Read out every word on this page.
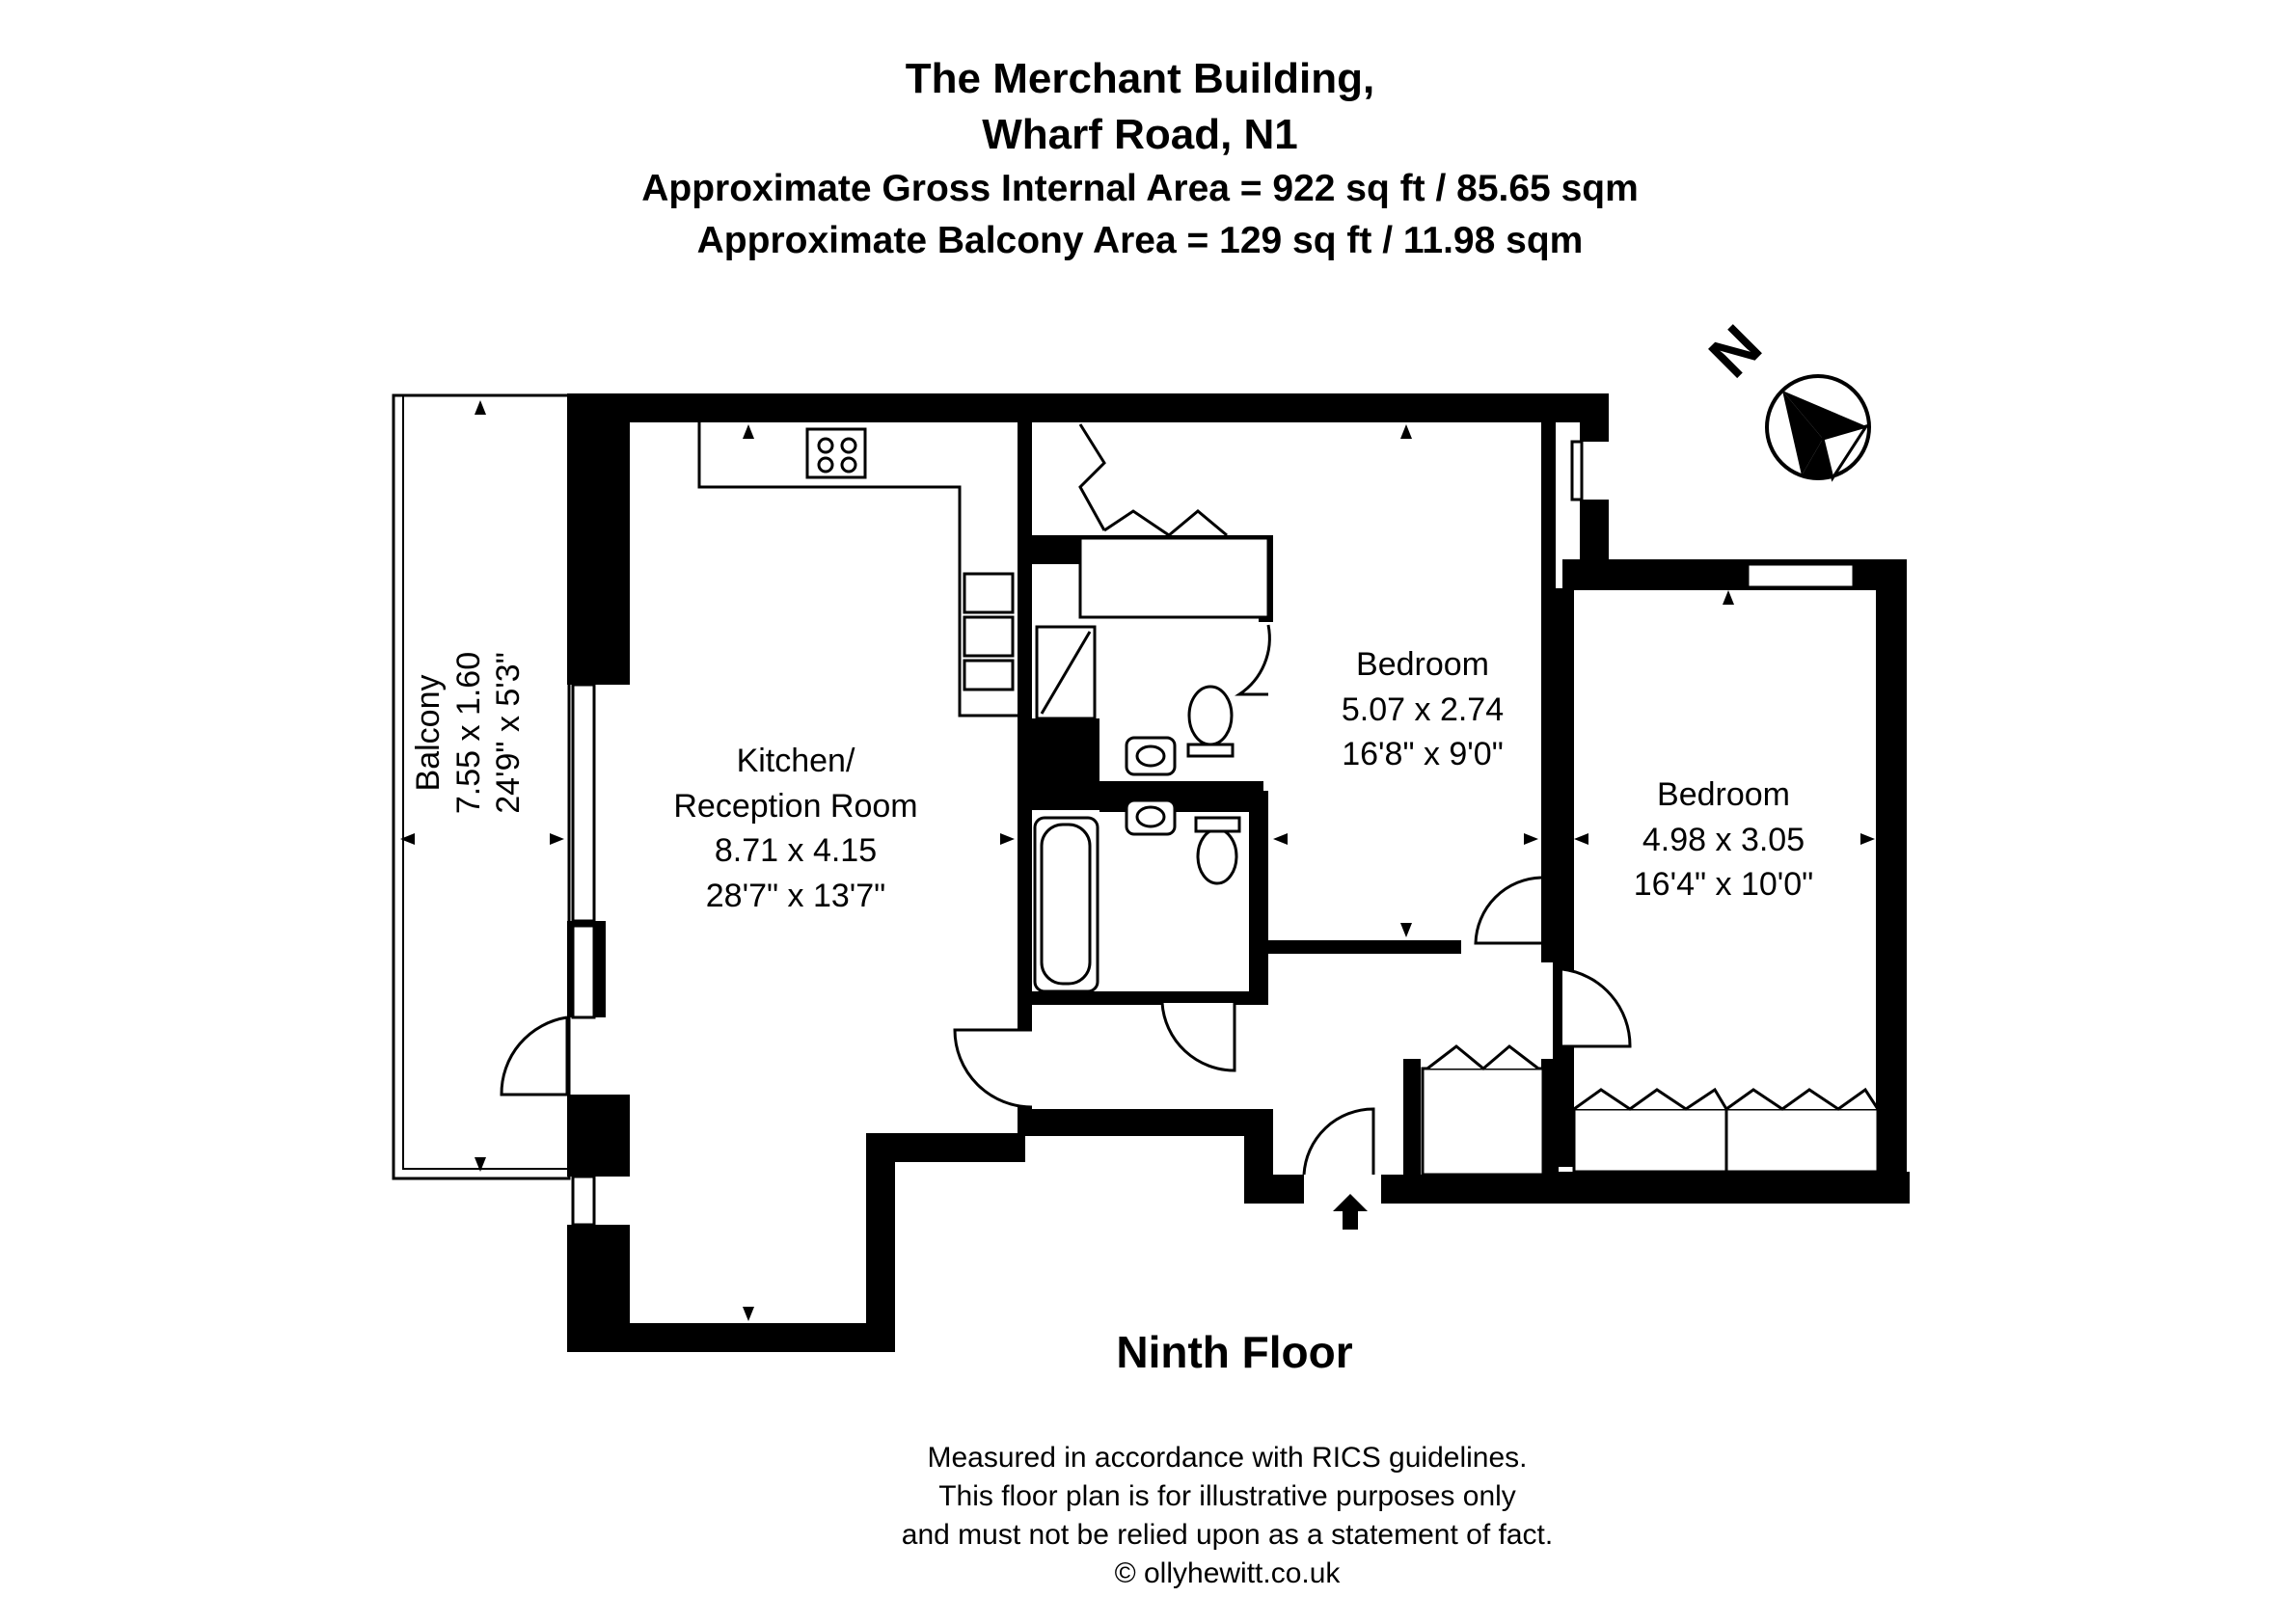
The Merchant Building,
Wharf Road, N1
Approximate Gross Internal Area = 922 sq ft / 85.65 sqm
Approximate Balcony Area = 129 sq ft / 11.98 sqm
N
Balcony 7.55 x 1.60 24'9" x 5'3"	Kitchen/
Reception Room
8.71 x 4.15
28'7" x 13'7"
Bedroom
5.07 x 2.74
16'8" x 9'0"
Bedroom
4.98 x 3.05
16'4" x 10'0"
Ninth Floor
Measured in accordance with RICS guidelines.
This floor plan is for illustrative purposes only
and must not be relied upon as a statement of fact.
© ollyhewitt.co.uk
